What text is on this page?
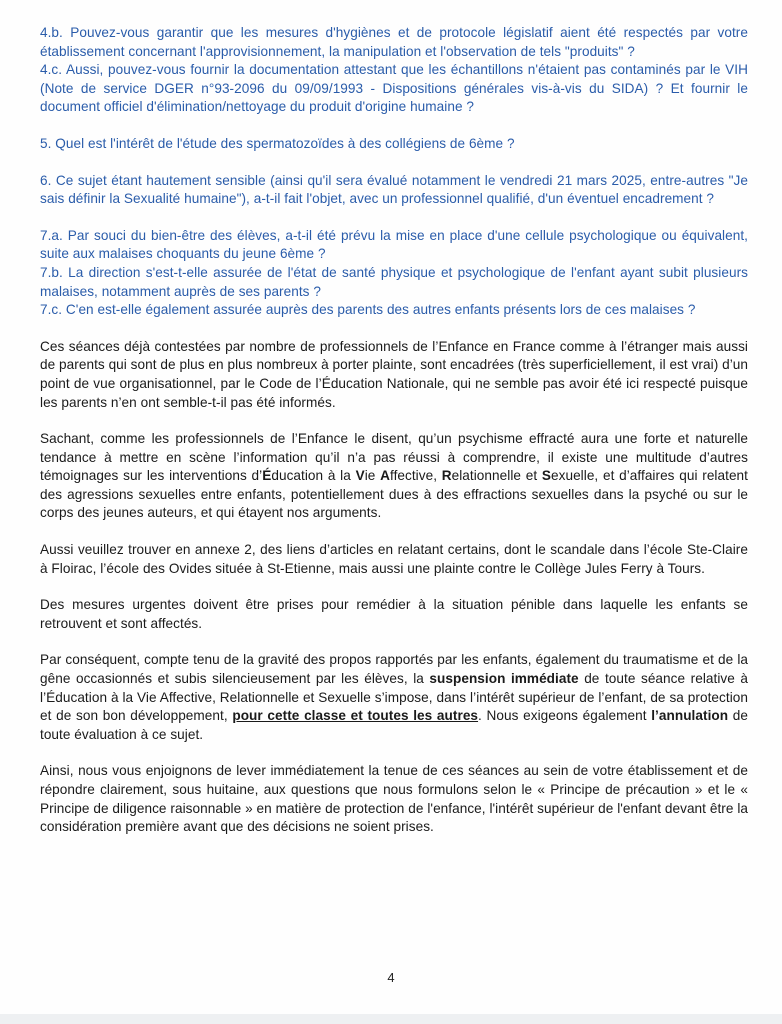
4.b. Pouvez-vous garantir que les mesures d'hygiènes et de protocole législatif aient été respectés par votre établissement concernant l'approvisionnement, la manipulation et l'observation de tels "produits" ?

4.c. Aussi, pouvez-vous fournir la documentation attestant que les échantillons n'étaient pas contaminés par le VIH (Note de service DGER n°93-2096 du 09/09/1993 - Dispositions générales vis-à-vis du SIDA) ? Et fournir le document officiel d'élimination/nettoyage du produit d'origine humaine ?

5. Quel est l'intérêt de l'étude des spermatozoïdes à des collégiens de 6ème ?

6. Ce sujet étant hautement sensible (ainsi qu'il sera évalué notamment le vendredi 21 mars 2025, entre-autres "Je sais définir la Sexualité humaine"), a-t-il fait l'objet, avec un professionnel qualifié, d'un éventuel encadrement ?

7.a. Par souci du bien-être des élèves, a-t-il été prévu la mise en place d'une cellule psychologique ou équivalent, suite aux malaises choquants du jeune 6ème ?

7.b. La direction s'est-t-elle assurée de l'état de santé physique et psychologique de l'enfant ayant subit plusieurs malaises, notamment auprès de ses parents ?

7.c. C'en est-elle également assurée auprès des parents des autres enfants présents lors de ces malaises ?

Ces séances déjà contestées par nombre de professionnels de l’Enfance en France comme à l’étranger mais aussi de parents qui sont de plus en plus nombreux à porter plainte, sont encadrées (très superficiellement, il est vrai) d’un point de vue organisationnel, par le Code de l’Éducation Nationale, qui ne semble pas avoir été ici respecté puisque les parents n’en ont semble-t-il pas été informés.

Sachant, comme les professionnels de l’Enfance le disent, qu’un psychisme effracté aura une forte et naturelle tendance à mettre en scène l’information qu’il n’a pas réussi à comprendre, il existe une multitude d’autres témoignages sur les interventions d’Éducation à la Vie Affective, Relationnelle et Sexuelle, et d’affaires qui relatent des agressions sexuelles entre enfants, potentiellement dues à des effractions sexuelles dans la psyché ou sur le corps des jeunes auteurs, et qui étayent nos arguments.

Aussi veuillez trouver en annexe 2, des liens d’articles en relatant certains, dont le scandale dans l’école Ste-Claire à Floirac, l’école des Ovides située à St-Etienne, mais aussi une plainte contre le Collège Jules Ferry à Tours.

Des mesures urgentes doivent être prises pour remédier à la situation pénible dans laquelle les enfants se retrouvent et sont affectés.

Par conséquent, compte tenu de la gravité des propos rapportés par les enfants, également du traumatisme et de la gêne occasionnés et subis silencieusement par les élèves, la suspension immédiate de toute séance relative à l’Éducation à la Vie Affective, Relationnelle et Sexuelle s’impose, dans l’intérêt supérieur de l’enfant, de sa protection et de son bon développement, pour cette classe et toutes les autres. Nous exigeons également l’annulation de toute évaluation à ce sujet.

Ainsi, nous vous enjoignons de lever immédiatement la tenue de ces séances au sein de votre établissement et de répondre clairement, sous huitaine, aux questions que nous formulons selon le « Principe de précaution » et le « Principe de diligence raisonnable » en matière de protection de l'enfance, l'intérêt supérieur de l'enfant devant être la considération première avant que des décisions ne soient prises.

4
